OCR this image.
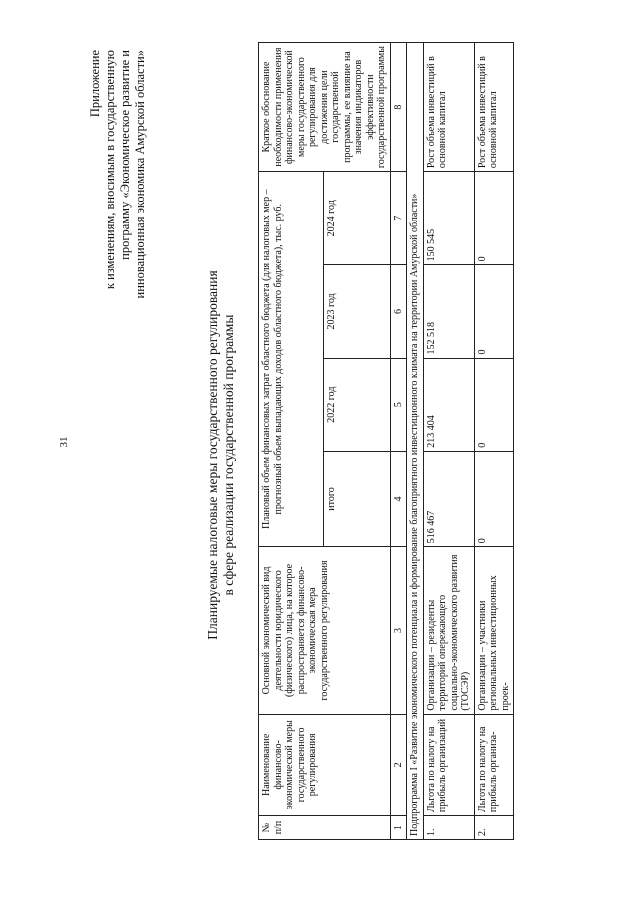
31
Приложение к изменениям, вносимым в государственную программу «Экономическое развитие и инновационная экономика Амурской области»
Планируемые налоговые меры государственного регулирования в сфере реализации государственной программы
№ п/п	Наименование финансово-экономической меры государственного регулирования	Основной экономический вид деятельности юридического (физического) лица, на которое распространяется финансово-экономическая мера государственного регулирования	Плановый объем финансовых затрат областного бюджета (для налоговых мер – прогнозный объем выпадающих доходов областного бюджета), тыс. руб.				Краткое обоснование необходимости применения финансово-экономической меры государственного регулирования для достижения цели государственной программы, ее влияние на значения индикаторов эффективности государственной программы
			итого	2022 год	2023 год	2024 год	
1	2	3	4	5	6	7	8
Подпрограмма I «Развитие экономического потенциала и формирование благоприятного инвестиционного климата на территории Амурской области»							
1.	Льгота по налогу на прибыль организаций	Организации – резиденты территорий опережающего социально-экономического развития (ТОСЭР)	516 467	213 404	152 518	150 545	Рост объема инвестиций в основной капитал
2.	Льгота по налогу на прибыль организа-	Организации – участники региональных инвестиционных проек-	0	0	0	0	Рост объема инвестиций в основной капитал
